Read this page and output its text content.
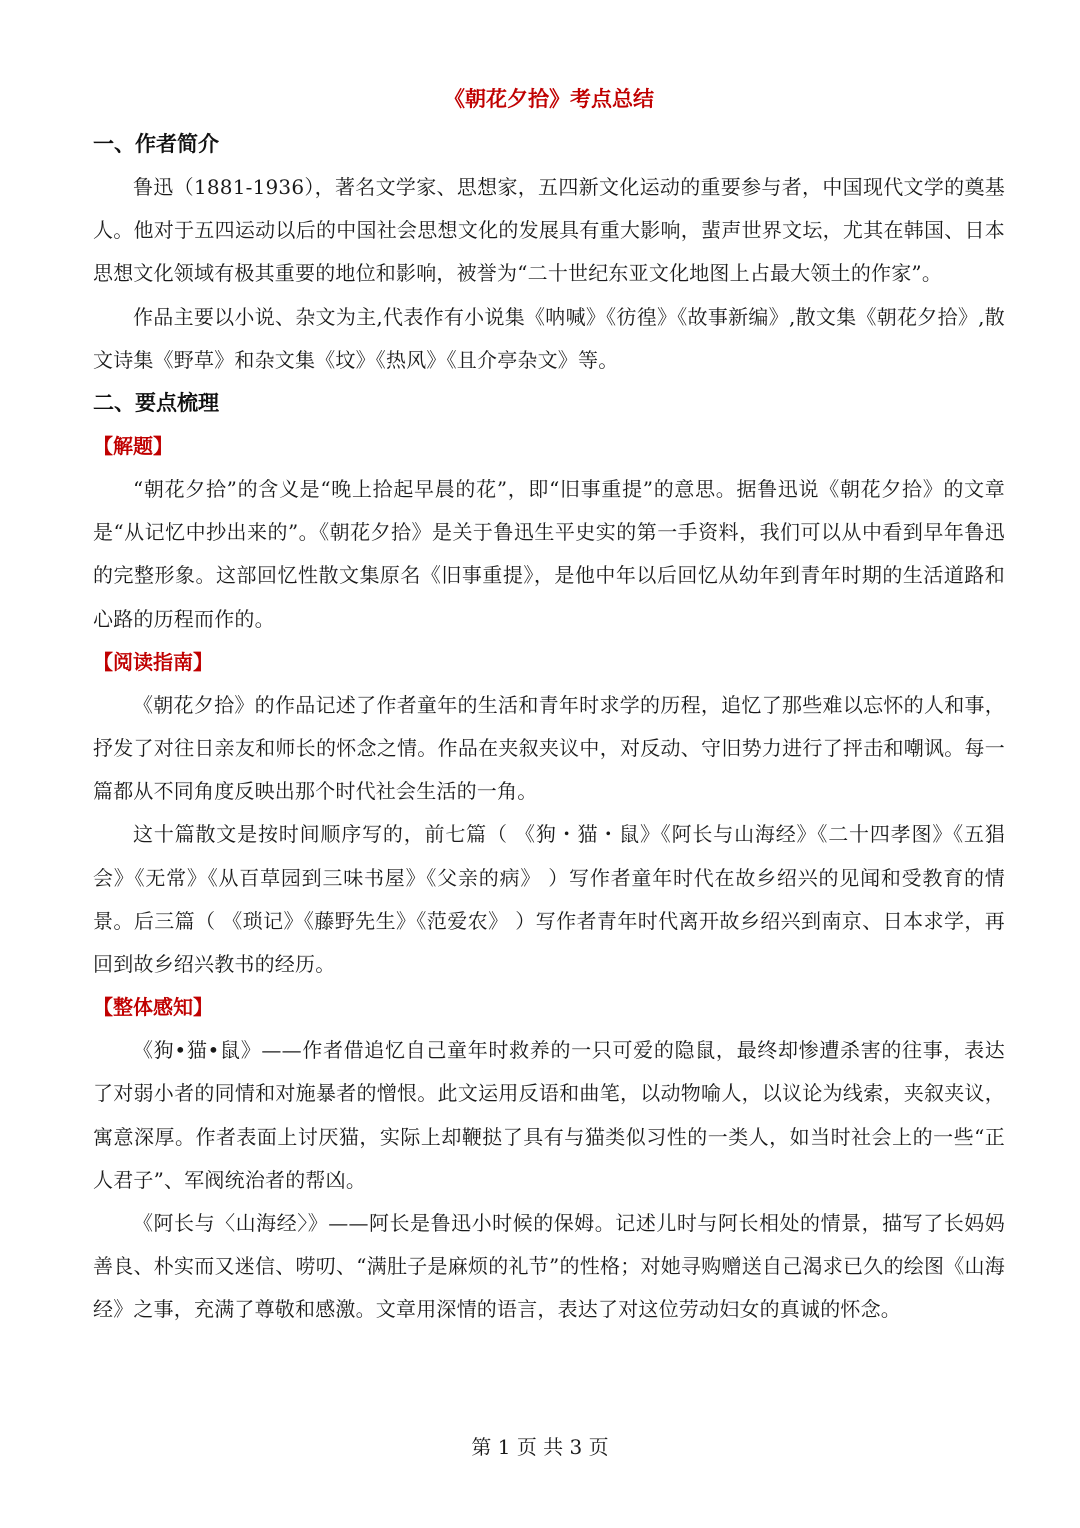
《朝花夕拾》考点总结
一、作者简介

鲁迅（1881-1936），著名文学家、思想家，五四新文化运动的重要参与者，中国现代文学的奠基人。他对于五四运动以后的中国社会思想文化的发展具有重大影响，蜚声世界文坛，尤其在韩国、日本思想文化领域有极其重要的地位和影响，被誉为“二十世纪东亚文化地图上占最大领土的作家”。

作品主要以小说、杂文为主,代表作有小说集《呐喊》《彷徨》《故事新编》,散文集《朝花夕拾》,散文诗集《野草》和杂文集《坟》《热风》《且介亭杂文》等。

二、要点梳理
【解题】

“朝花夕拾”的含义是“晚上拾起早晨的花”，即“旧事重提”的意思。据鲁迅说《朝花夕拾》的文章是“从记忆中抄出来的”。《朝花夕拾》是关于鲁迅生平史实的第一手资料，我们可以从中看到早年鲁迅的完整形象。这部回忆性散文集原名《旧事重提》，是他中年以后回忆从幼年到青年时期的生活道路和心路的历程而作的。

【阅读指南】

《朝花夕拾》的作品记述了作者童年的生活和青年时求学的历程，追忆了那些难以忘怀的人和事，抒发了对往日亲友和师长的怀念之情。作品在夹叙夹议中，对反动、守旧势力进行了抨击和嘲讽。每一篇都从不同角度反映出那个时代社会生活的一角。

这十篇散文是按时间顺序写的，前七篇（ 《狗・猫・鼠》《阿长与山海经》《二十四孝图》《五猖会》《无常》《从百草园到三味书屋》《父亲的病》 ）写作者童年时代在故乡绍兴的见闻和受教育的情景。后三篇（ 《琐记》《藤野先生》《范爱农》 ）写作者青年时代离开故乡绍兴到南京、日本求学，再回到故乡绍兴教书的经历。

【整体感知】

《狗•猫•鼠》——作者借追忆自己童年时救养的一只可爱的隐鼠，最终却惨遭杀害的往事，表达了对弱小者的同情和对施暴者的憎恨。此文运用反语和曲笔，以动物喻人，以议论为线索，夹叙夹议，寓意深厚。作者表面上讨厌猫，实际上却鞭挞了具有与猫类似习性的一类人，如当时社会上的一些“正人君子”、军阀统治者的帮凶。

《阿长与〈山海经〉》——阿长是鲁迅小时候的保姆。记述儿时与阿长相处的情景，描写了长妈妈善良、朴实而又迷信、唠叨、“满肚子是麻烦的礼节”的性格；对她寻购赠送自己渴求已久的绘图《山海经》之事，充满了尊敬和感激。文章用深情的语言，表达了对这位劳动妇女的真诚的怀念。

第 1 页 共 3 页
